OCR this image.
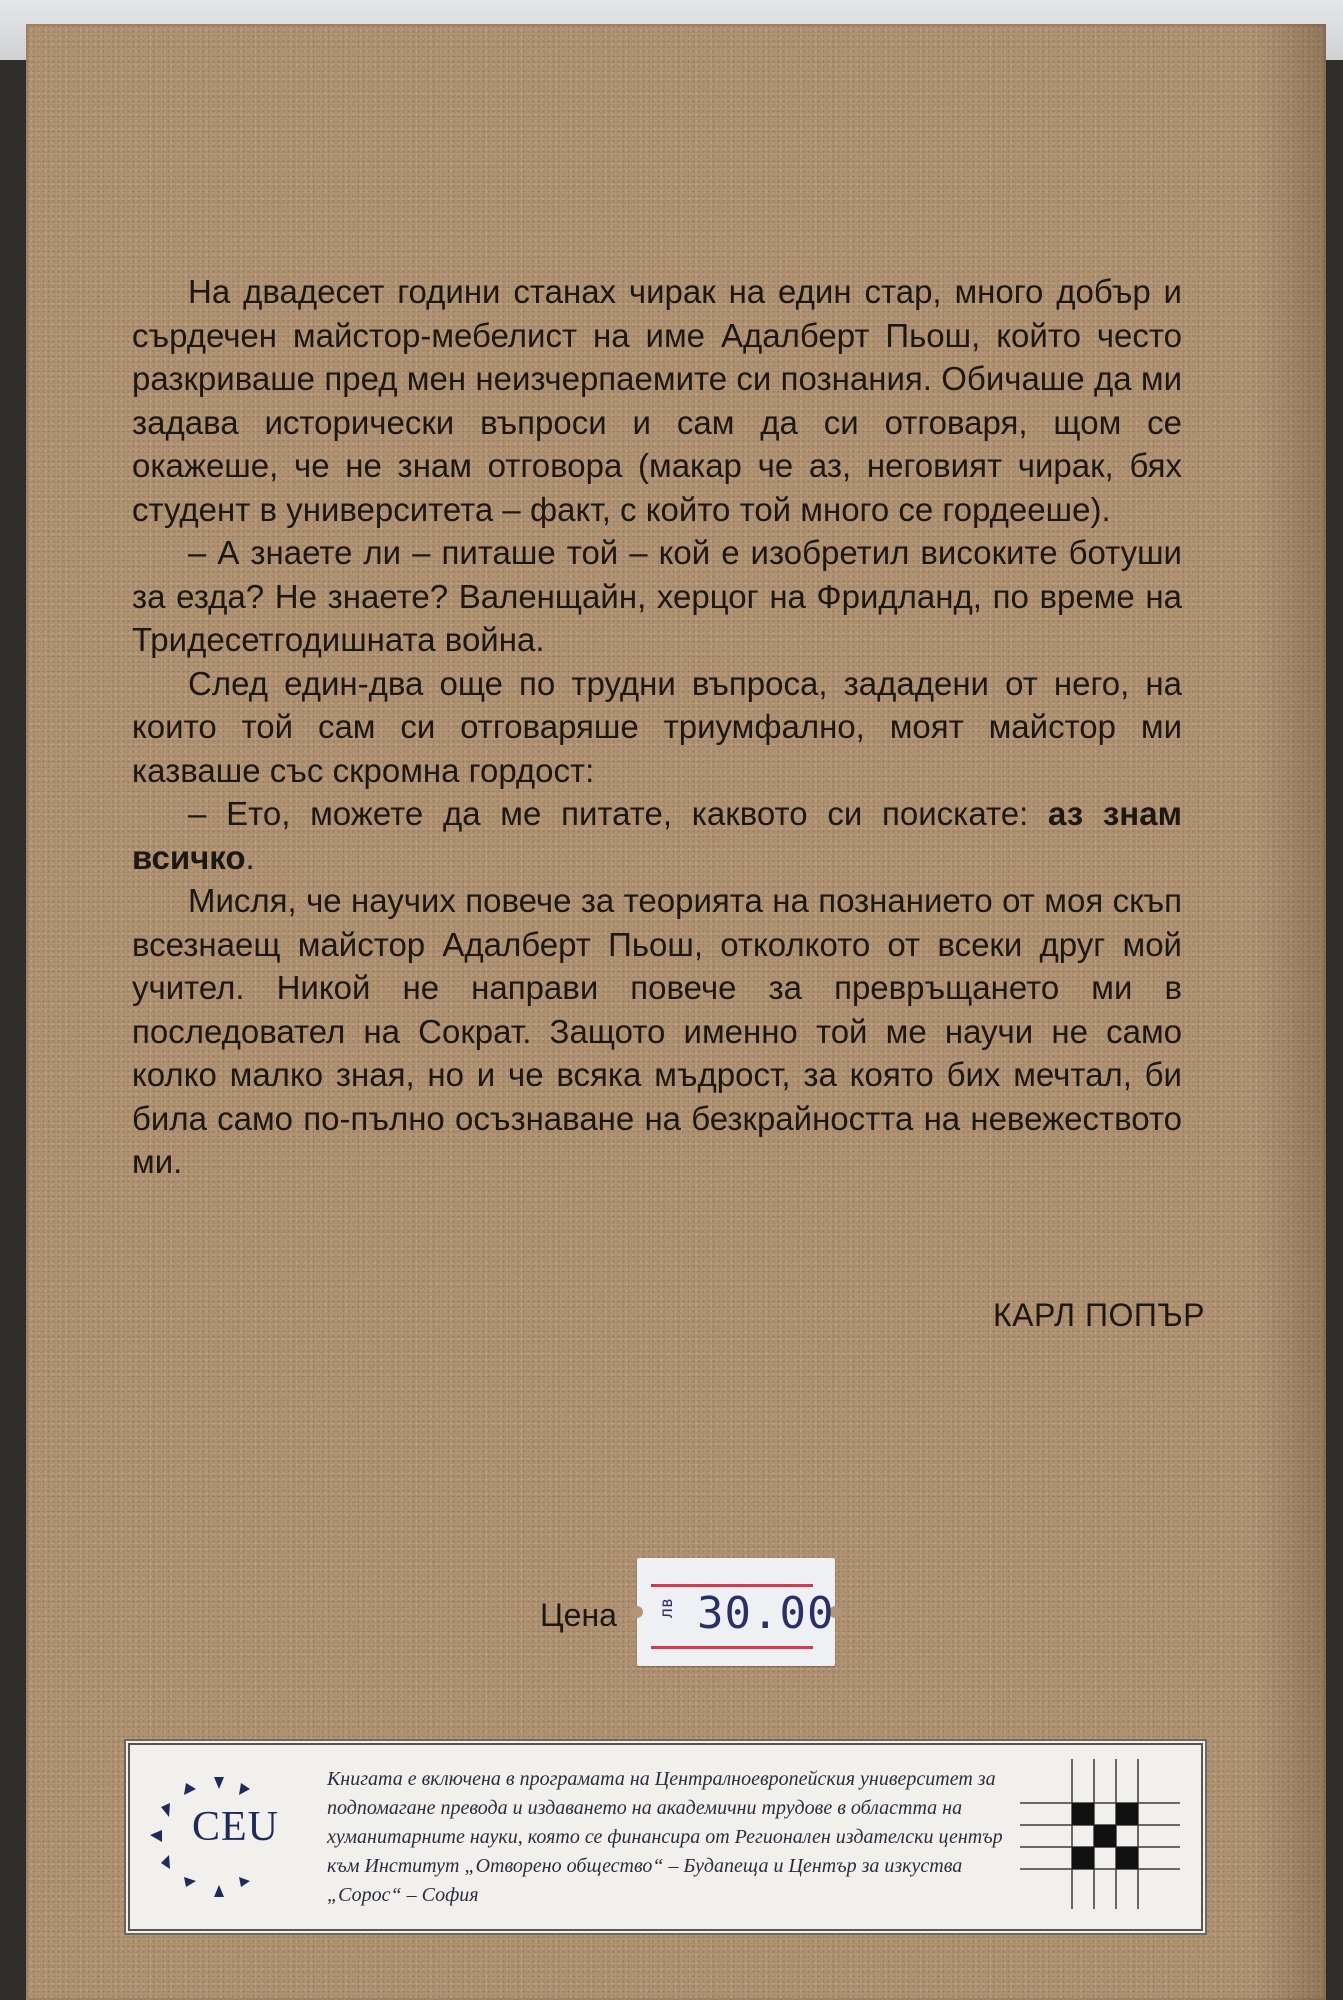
На двадесет години станах чирак на един стар, много добър и сърдечен майстор-мебелист на име Адалберт Пьош, който често разкриваше пред мен неизчерпаемите си познания. Обичаше да ми задава исторически въпроси и сам да си отговаря, щом се окажеше, че не знам отговора (макар че аз, неговият чирак, бях студент в университета – факт, с който той много се гордееше).

– А знаете ли – питаше той – кой е изобретил високите ботуши за езда? Не знаете? Валенщайн, херцог на Фридланд, по време на Тридесетгодишната война.

След един-два още по трудни въпроса, зададени от него, на които той сам си отговаряше триумфално, моят майстор ми казваше със скромна гордост:

– Ето, можете да ме питате, каквото си поискате: аз знам всичко.

Мисля, че научих повече за теорията на познанието от моя скъп всезнаещ майстор Адалберт Пьош, отколкото от всеки друг мой учител. Никой не направи повече за превръщането ми в последовател на Сократ. Защото именно той ме научи не само колко малко зная, но и че всяка мъдрост, за която бих мечтал, би била само по-пълно осъзнаване на безкрайността на невежеството ми.

КАРЛ ПОПЪР
Цена лв 30.00
CEU
Книгата е включена в програмата на Централноевропейския университет за подпомагане превода и издаването на академични трудове в областта на хуманитарните науки, която се финансира от Регионален издателски център към Институт „Отворено общество“ – Будапеща и Център за изкуства „Сорос“ – София
